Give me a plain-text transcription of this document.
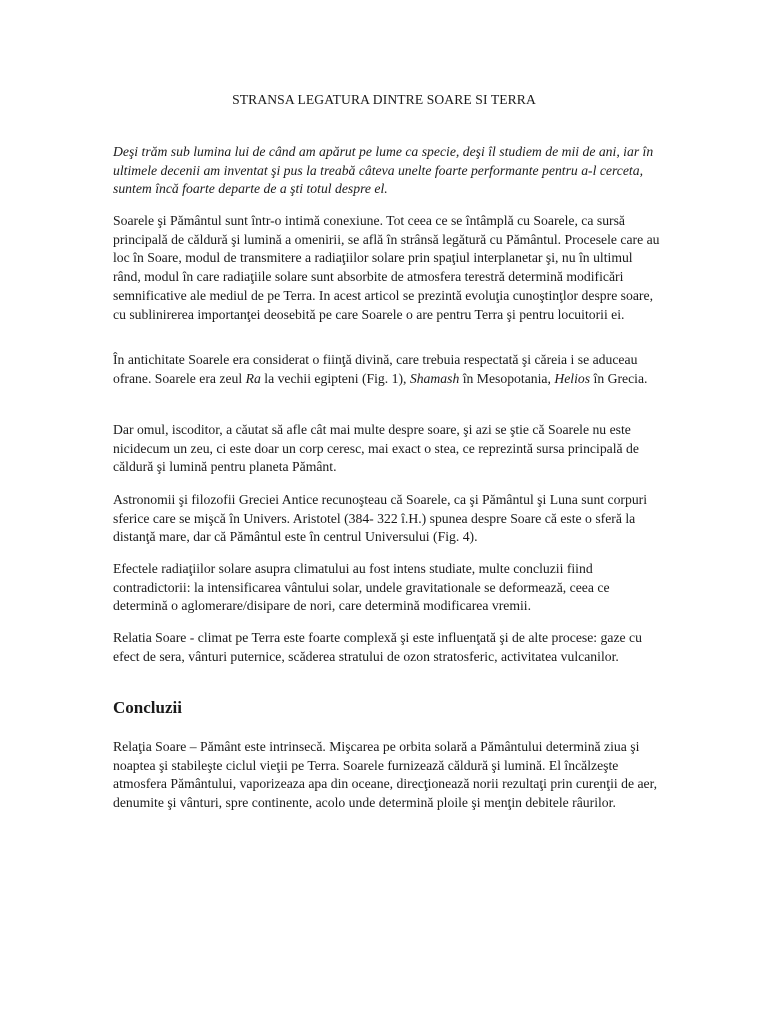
STRANSA LEGATURA DINTRE SOARE SI TERRA

Deşi trăm sub lumina lui de când am apărut pe lume ca specie, deşi îl studiem de mii de ani, iar în ultimele decenii am inventat şi pus la treabă câteva unelte foarte performante pentru a-l cerceta, suntem încă foarte departe de a şti totul despre el.

Soarele şi Pământul sunt într-o intimă conexiune. Tot ceea ce se întâmplă cu Soarele, ca sursă principală de căldură şi lumină a omenirii, se află în strânsă legătură cu Pământul. Procesele care au loc în Soare, modul de transmitere a radiaţiilor solare prin spaţiul interplanetar şi, nu în ultimul rând, modul în care radiaţiile solare sunt absorbite de atmosfera terestră determină modificări semnificative ale mediul de pe Terra. In acest articol se prezintă evoluţia cunoştinţlor despre soare, cu sublinirerea importanţei deosebită pe care Soarele o are pentru Terra şi pentru locuitorii ei.

În antichitate Soarele era considerat o fiinţă divină, care trebuia respectată şi căreia i se aduceau ofrane. Soarele era zeul Ra la vechii egipteni (Fig. 1), Shamash în Mesopotania, Helios în Grecia.

Dar omul, iscoditor, a căutat să afle cât mai multe despre soare, şi azi se ştie că Soarele nu este nicidecum un zeu, ci este doar un corp ceresc, mai exact o stea, ce reprezintă sursa principală de căldură şi lumină pentru planeta Pământ.

Astronomii şi filozofii Greciei Antice recunoşteau că Soarele, ca şi Pământul şi Luna sunt corpuri sferice care se mişcă în Univers. Aristotel (384- 322 î.H.) spunea despre Soare că este o sferă la distanţă mare, dar că Pământul este în centrul Universului (Fig. 4).

Efectele radiaţiilor solare asupra climatului au fost intens studiate, multe concluzii fiind contradictorii: la intensificarea vântului solar, undele gravitationale se deformează, ceea ce determină o aglomerare/disipare de nori, care determină modificarea vremii.

Relatia Soare - climat pe Terra este foarte complexă şi este influenţată şi de alte procese: gaze cu efect de sera, vânturi puternice, scăderea stratului de ozon stratosferic, activitatea vulcanilor.

Concluzii

Relaţia Soare – Pământ este intrinsecă. Mişcarea pe orbita solară a Pământului determină ziua şi noaptea şi stabileşte ciclul vieţii pe Terra. Soarele furnizează căldură şi lumină. El încălzeşte atmosfera Pământului, vaporizeaza apa din oceane, direcţionează norii rezultaţi prin curenţii de aer, denumite şi vânturi, spre continente, acolo unde determină ploile şi menţin debitele râurilor.
